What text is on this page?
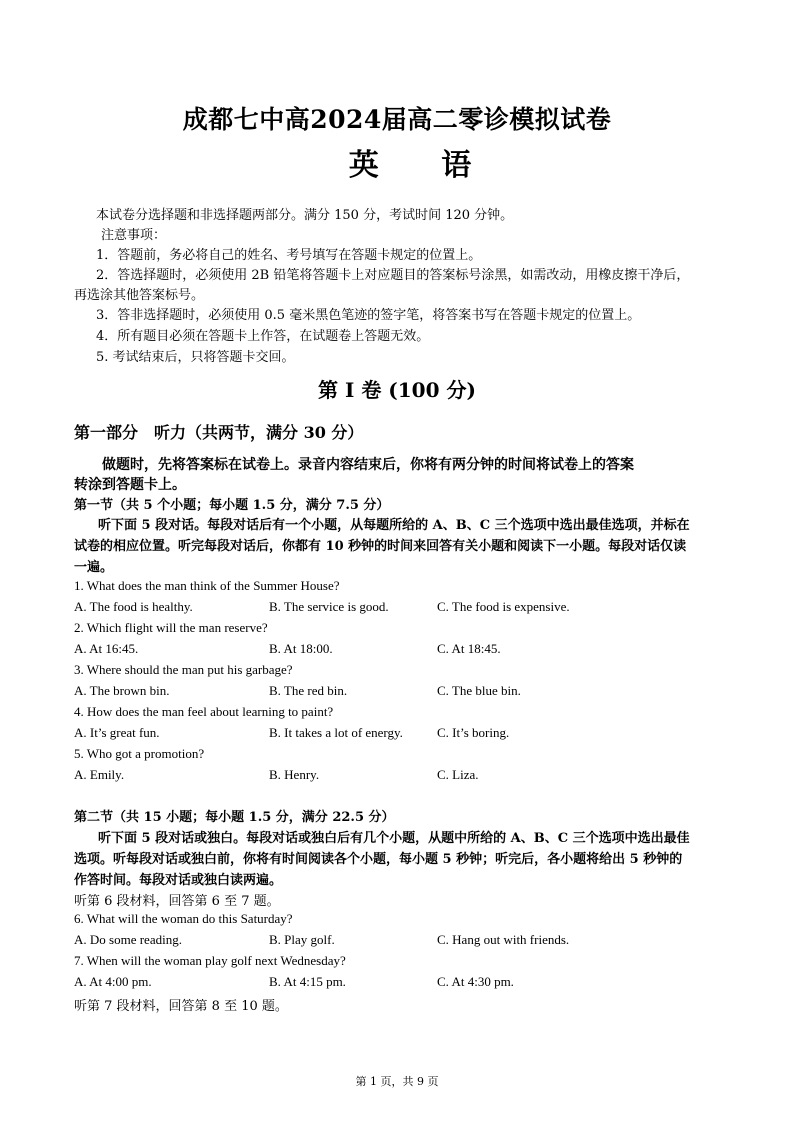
成都七中高2024届高二零诊模拟试卷
英 语
本试卷分选择题和非选择题两部分。满分 150 分，考试时间 120 分钟。
注意事项：
1．答题前，务必将自己的姓名、考号填写在答题卡规定的位置上。
2．答选择题时，必须使用 2B 铅笔将答题卡上对应题目的答案标号涂黑，如需改动，用橡皮擦干净后，
再选涂其他答案标号。
3．答非选择题时，必须使用 0.5 毫米黑色笔迹的签字笔，将答案书写在答题卡规定的位置上。
4．所有题目必须在答题卡上作答，在试题卷上答题无效。
5. 考试结束后，只将答题卡交回。
第 I 卷 (100 分)
第一部分　听力（共两节，满分 30 分）
做题时，先将答案标在试卷上。录音内容结束后，你将有两分钟的时间将试卷上的答案
转涂到答题卡上。
第一节（共 5 个小题；每小题 1.5 分，满分 7.5 分）
听下面 5 段对话。每段对话后有一个小题，从每题所给的 A、B、C 三个选项中选出最佳选项，并标在
试卷的相应位置。听完每段对话后，你都有 10 秒钟的时间来回答有关小题和阅读下一小题。每段对话仅读
一遍。
1. What does the man think of the Summer House?
A. The food is healthy.	B. The service is good.	C. The food is expensive.
2. Which flight will the man reserve?
A. At 16:45.	B. At 18:00.	C. At 18:45.
3. Where should the man put his garbage?
A. The brown bin.	B. The red bin.	C. The blue bin.
4. How does the man feel about learning to paint?
A. It’s great fun.	B. It takes a lot of energy.	C. It’s boring.
5. Who got a promotion?
A. Emily.	B. Henry.	C. Liza.
第二节（共 15 小题；每小题 1.5 分，满分 22.5 分）
听下面 5 段对话或独白。每段对话或独白后有几个小题，从题中所给的 A、B、C 三个选项中选出最佳
选项。听每段对话或独白前，你将有时间阅读各个小题，每小题 5 秒钟；听完后，各小题将给出 5 秒钟的
作答时间。每段对话或独白读两遍。
听第 6 段材料，回答第 6 至 7 题。
6. What will the woman do this Saturday?
A. Do some reading.	B. Play golf.	C. Hang out with friends.
7. When will the woman play golf next Wednesday?
A. At 4:00 pm.	B. At 4:15 pm.	C. At 4:30 pm.
听第 7 段材料，回答第 8 至 10 题。
第 1 页，共 9 页
